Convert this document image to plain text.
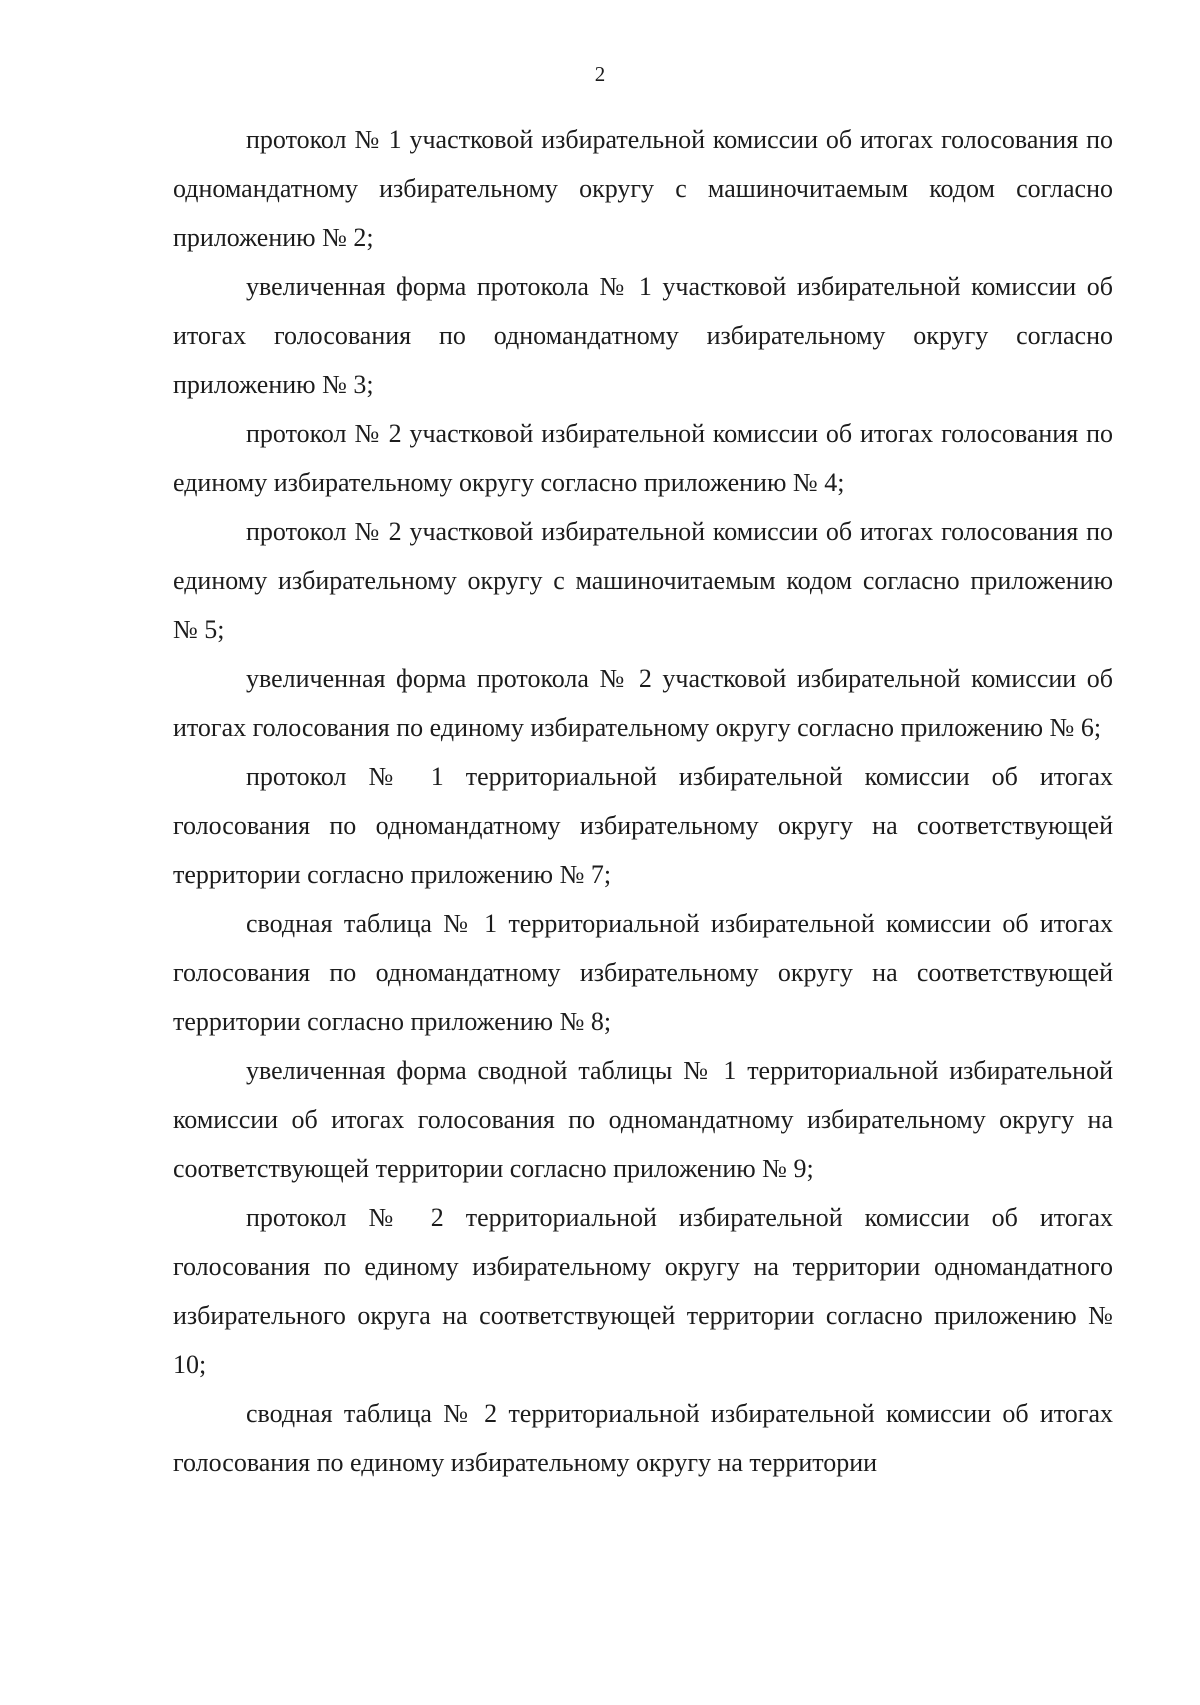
2

протокол № 1 участковой избирательной комиссии об итогах голосования по одномандатному избирательному округу с машиночитаемым кодом согласно приложению № 2;

увеличенная форма протокола № 1 участковой избирательной комиссии об итогах голосования по одномандатному избирательному округу согласно приложению № 3;

протокол № 2 участковой избирательной комиссии об итогах голосования по единому избирательному округу согласно приложению № 4;

протокол № 2 участковой избирательной комиссии об итогах голосования по единому избирательному округу с машиночитаемым кодом согласно приложению № 5;

увеличенная форма протокола № 2 участковой избирательной комиссии об итогах голосования по единому избирательному округу согласно приложению № 6;

протокол № 1 территориальной избирательной комиссии об итогах голосования по одномандатному избирательному округу на соответствующей территории согласно приложению № 7;

сводная таблица № 1 территориальной избирательной комиссии об итогах голосования по одномандатному избирательному округу на соответствующей территории согласно приложению № 8;

увеличенная форма сводной таблицы № 1 территориальной избирательной комиссии об итогах голосования по одномандатному избирательному округу на соответствующей территории согласно приложению № 9;

протокол № 2 территориальной избирательной комиссии об итогах голосования по единому избирательному округу на территории одномандатного избирательного округа на соответствующей территории согласно приложению № 10;

сводная таблица № 2 территориальной избирательной комиссии об итогах голосования по единому избирательному округу на территории
